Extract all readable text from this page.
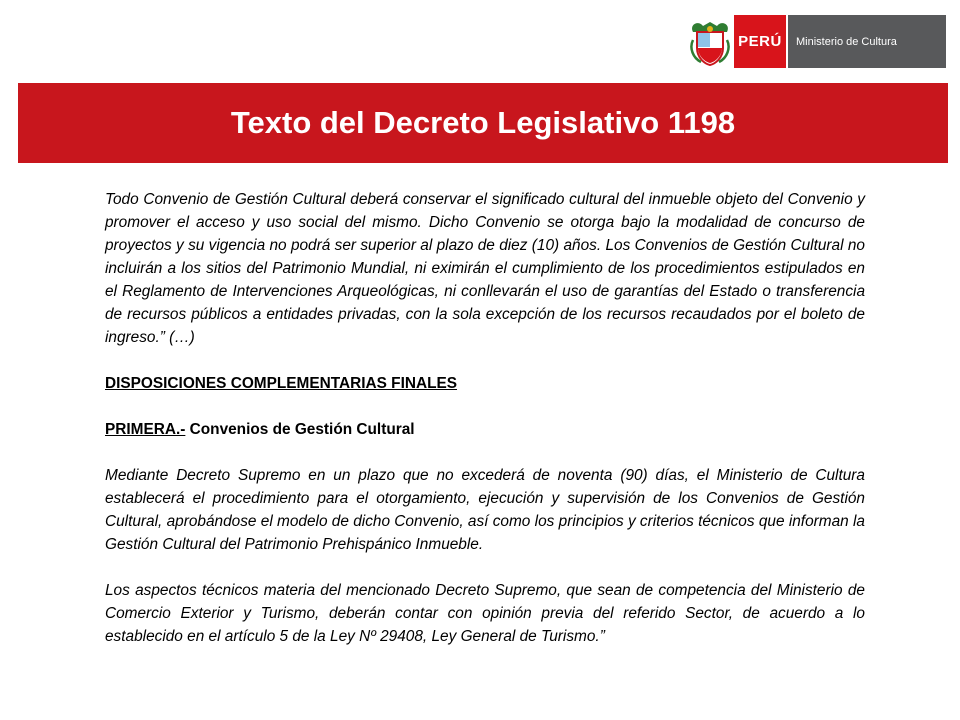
PERÚ	Ministerio de Cultura
Texto del Decreto Legislativo 1198

Todo Convenio de Gestión Cultural deberá conservar el significado cultural del inmueble objeto del Convenio y promover el acceso y uso social del mismo. Dicho Convenio se otorga bajo la modalidad de concurso de proyectos y su vigencia no podrá ser superior al plazo de diez (10) años. Los Convenios de Gestión Cultural no incluirán a los sitios del Patrimonio Mundial, ni eximirán el cumplimiento de los procedimientos estipulados en el Reglamento de Intervenciones Arqueológicas, ni conllevarán el uso de garantías del Estado o transferencia de recursos públicos a entidades privadas, con la sola excepción de los recursos recaudados por el boleto de ingreso.” (…)

DISPOSICIONES COMPLEMENTARIAS FINALES

PRIMERA.- Convenios de Gestión Cultural

Mediante Decreto Supremo en un plazo que no excederá de noventa (90) días, el Ministerio de Cultura establecerá el procedimiento para el otorgamiento, ejecución y supervisión de los Convenios de Gestión Cultural, aprobándose el modelo de dicho Convenio, así como los principios y criterios técnicos que informan la Gestión Cultural del Patrimonio Prehispánico Inmueble.

Los aspectos técnicos materia del mencionado Decreto Supremo, que sean de competencia del Ministerio de Comercio Exterior y Turismo, deberán contar con opinión previa del referido Sector, de acuerdo a lo establecido en el artículo 5 de la Ley Nº 29408, Ley General de Turismo.”
